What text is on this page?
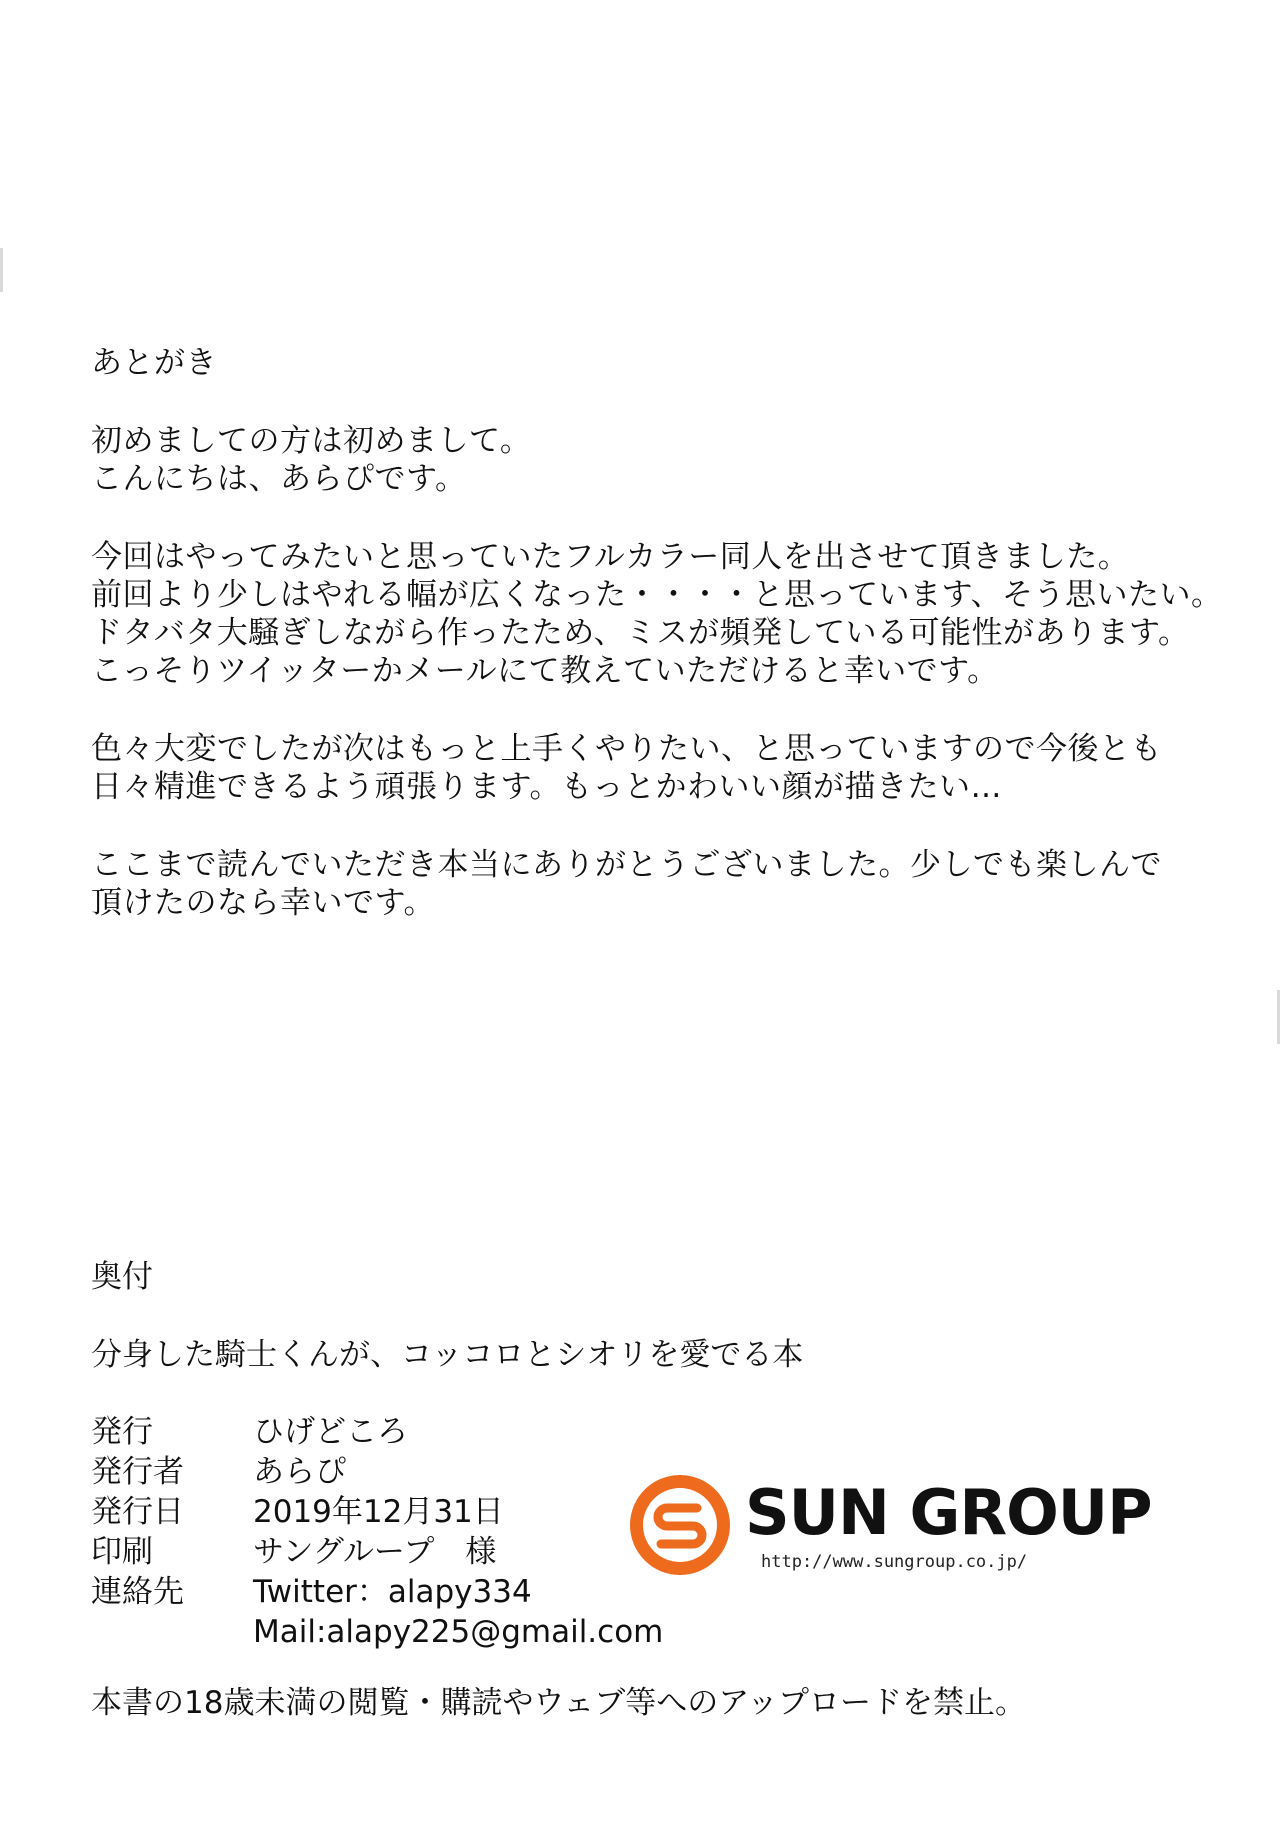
あとがき
初めましての方は初めまして。
こんにちは、あらぴです。
今回はやってみたいと思っていたフルカラー同人を出させて頂きました。
前回より少しはやれる幅が広くなった・・・・と思っています、そう思いたい。
ドタバタ大騒ぎしながら作ったため、ミスが頻発している可能性があります。
こっそりツイッターかメールにて教えていただけると幸いです。
色々大変でしたが次はもっと上手くやりたい、と思っていますので今後とも
日々精進できるよう頑張ります。もっとかわいい顔が描きたい…
ここまで読んでいただき本当にありがとうございました。少しでも楽しんで
頂けたのなら幸いです。
奥付
分身した騎士くんが、コッコロとシオリを愛でる本
発行	ひげどころ
発行者	あらぴ
発行日	2019年12月31日
印刷	サングループ　様
連絡先	Twitter：alapy334
Mail:alapy225@gmail.com
SUN GROUP
http://www.sungroup.co.jp/
本書の18歳未満の閲覧・購読やウェブ等へのアップロードを禁止。
